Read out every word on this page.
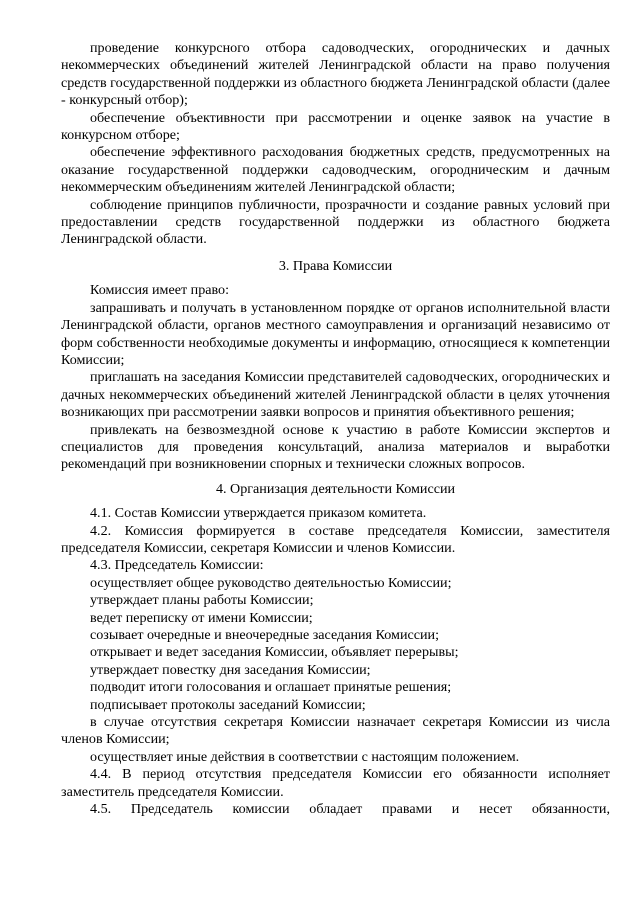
проведение конкурсного отбора садоводческих, огороднических и дачных некоммерческих объединений жителей Ленинградской области на право получения средств государственной поддержки из областного бюджета Ленинградской области (далее - конкурсный отбор);

обеспечение объективности при рассмотрении и оценке заявок на участие в конкурсном отборе;

обеспечение эффективного расходования бюджетных средств, предусмотренных на оказание государственной поддержки садоводческим, огородническим и дачным некоммерческим объединениям жителей Ленинградской области;

соблюдение принципов публичности, прозрачности и создание равных условий при предоставлении средств государственной поддержки из областного бюджета Ленинградской области.

3. Права Комиссии

Комиссия имеет право:

запрашивать и получать в установленном порядке от органов исполнительной власти Ленинградской области, органов местного самоуправления и организаций независимо от форм собственности необходимые документы и информацию, относящиеся к компетенции Комиссии;

приглашать на заседания Комиссии представителей садоводческих, огороднических и дачных некоммерческих объединений жителей Ленинградской области в целях уточнения возникающих при рассмотрении заявки вопросов и принятия объективного решения;

привлекать на безвозмездной основе к участию в работе Комиссии экспертов и специалистов для проведения консультаций, анализа материалов и выработки рекомендаций при возникновении спорных и технически сложных вопросов.

4. Организация деятельности Комиссии

4.1. Состав Комиссии утверждается приказом комитета.

4.2. Комиссия формируется в составе председателя Комиссии, заместителя председателя Комиссии, секретаря Комиссии и членов Комиссии.

4.3. Председатель Комиссии:

осуществляет общее руководство деятельностью Комиссии;

утверждает планы работы Комиссии;

ведет переписку от имени Комиссии;

созывает очередные и внеочередные заседания Комиссии;

открывает и ведет заседания Комиссии, объявляет перерывы;

утверждает повестку дня заседания Комиссии;

подводит итоги голосования и оглашает принятые решения;

подписывает протоколы заседаний Комиссии;

в случае отсутствия секретаря Комиссии назначает секретаря Комиссии из числа членов Комиссии;

осуществляет иные действия в соответствии с настоящим положением.

4.4. В период отсутствия председателя Комиссии его обязанности исполняет заместитель председателя Комиссии.

4.5. Председатель комиссии обладает правами и несет обязанности,
